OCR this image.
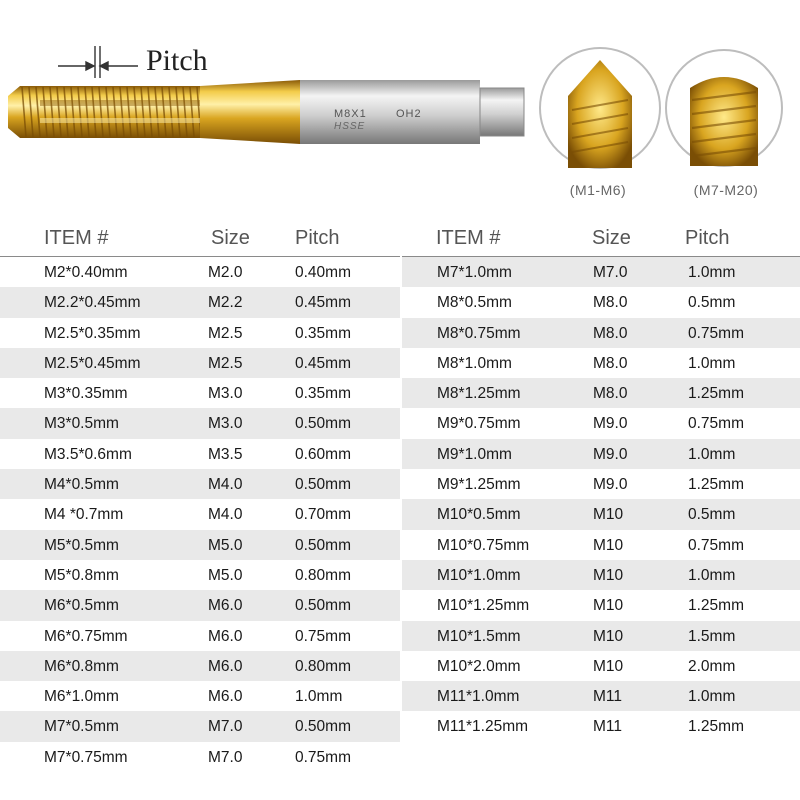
Pitch
M8X1	OH2
HSSE
(M1-M6)	(M7-M20)
ITEM #	Size Pitch
M2*0.40mm	M2.0	0.40mm
M2.2*0.45mm	M2.2	0.45mm
M2.5*0.35mm	M2.5	0.35mm
M2.5*0.45mm	M2.5	0.45mm
M3*0.35mm	M3.0	0.35mm
M3*0.5mm	M3.0	0.50mm
M3.5*0.6mm	M3.5	0.60mm
M4*0.5mm	M4.0	0.50mm
M4 *0.7mm	M4.0	0.70mm
M5*0.5mm	M5.0	0.50mm
M5*0.8mm	M5.0	0.80mm
M6*0.5mm	M6.0	0.50mm
M6*0.75mm	M6.0	0.75mm
M6*0.8mm	M6.0	0.80mm
M6*1.0mm	M6.0	1.0mm
M7*0.5mm	M7.0	0.50mm
M7*0.75mm	M7.0	0.75mm
ITEM #	Size	Pitch
M7*1.0mm	M7.0	1.0mm
M8*0.5mm	M8.0	0.5mm
M8*0.75mm	M8.0	0.75mm
M8*1.0mm	M8.0	1.0mm
M8*1.25mm	M8.0	1.25mm
M9*0.75mm	M9.0	0.75mm
M9*1.0mm	M9.0	1.0mm
M9*1.25mm	M9.0	1.25mm
M10*0.5mm	M10	0.5mm
M10*0.75mm	M10	0.75mm
M10*1.0mm	M10	1.0mm
M10*1.25mm	M10	1.25mm
M10*1.5mm	M10	1.5mm
M10*2.0mm	M10	2.0mm
M11*1.0mm	M11	1.0mm
M11*1.25mm	M11	1.25mm
